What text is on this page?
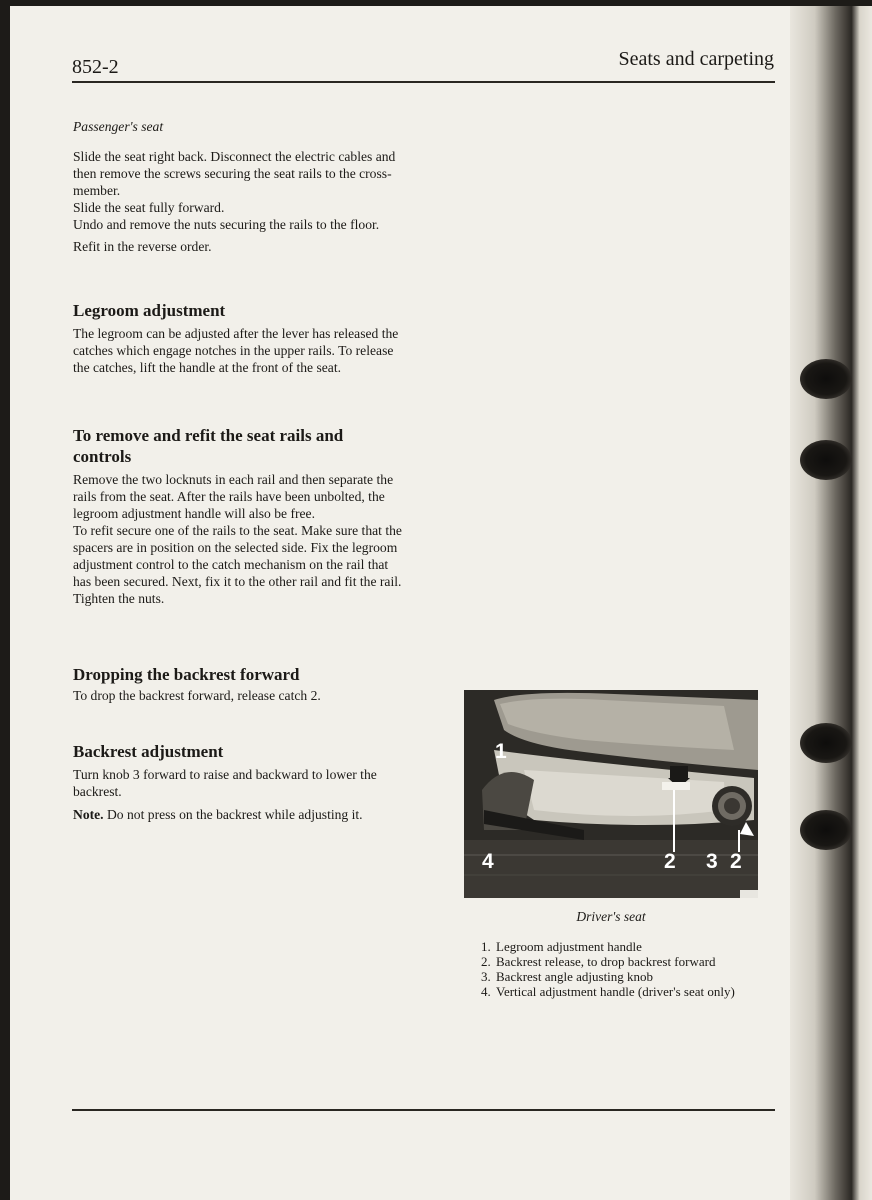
852-2	Seats and carpeting

Passenger's seat

Slide the seat right back. Disconnect the electric cables and then remove the screws securing the seat rails to the cross-member.

Slide the seat fully forward.

Undo and remove the nuts securing the rails to the floor.

Refit in the reverse order.

Legroom adjustment

The legroom can be adjusted after the lever has released the catches which engage notches in the upper rails. To release the catches, lift the handle at the front of the seat.

To remove and refit the seat rails and controls

Remove the two locknuts in each rail and then separate the rails from the seat. After the rails have been unbolted, the legroom adjustment handle will also be free.

To refit secure one of the rails to the seat. Make sure that the spacers are in position on the selected side. Fix the legroom adjustment control to the catch mechanism on the rail that has been secured. Next, fix it to the other rail and fit the rail. Tighten the nuts.

Dropping the backrest forward

To drop the backrest forward, release catch 2.

Backrest adjustment

Turn knob 3 forward to raise and backward to lower the backrest.

Note. Do not press on the backrest while adjusting it.

1
2 3 2
4
Driver's seat
1. Legroom adjustment handle
2. Backrest release, to drop backrest forward
3. Backrest angle adjusting knob
4. Vertical adjustment handle (driver's seat only)
